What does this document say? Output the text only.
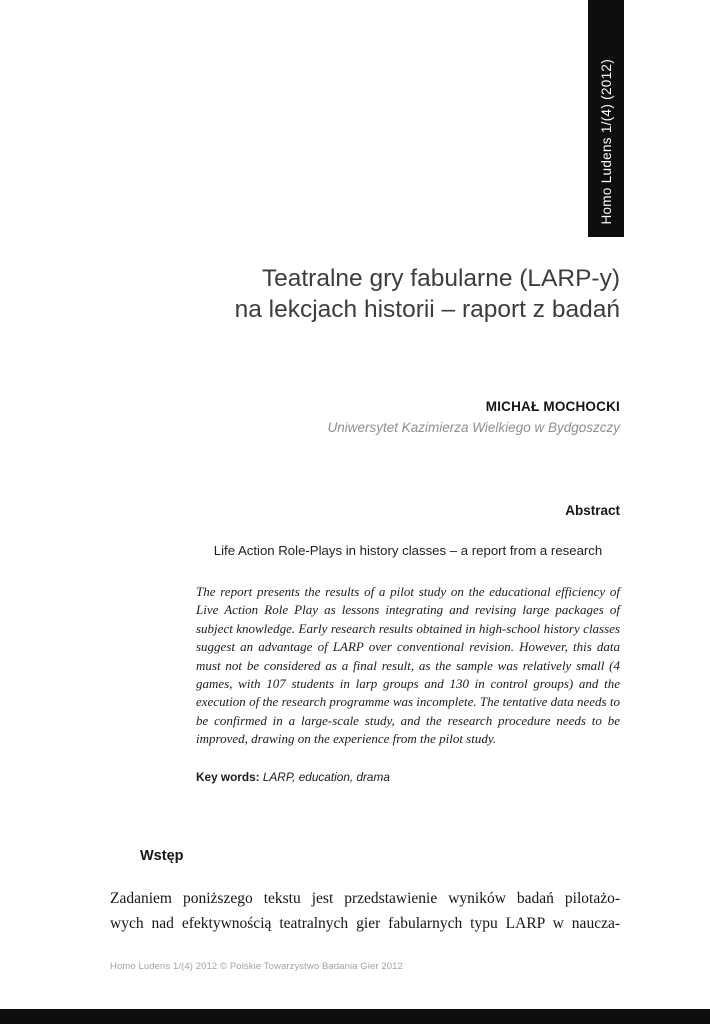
Homo Ludens 1/(4) (2012)
Teatralne gry fabularne (LARP-y)
na lekcjach historii – raport z badań
MICHAŁ MOCHOCKI
Uniwersytet Kazimierza Wielkiego w Bydgoszczy
Abstract
Life Action Role-Plays in history classes – a report from a research
The report presents the results of a pilot study on the educational efficiency of Live Action Role Play as lessons integrating and revising large packages of subject knowledge. Early research results obtained in high-school history classes suggest an advantage of LARP over conventional revision. However, this data must not be considered as a final result, as the sample was relatively small (4 games, with 107 students in larp groups and 130 in control groups) and the execution of the research programme was incomplete. The tentative data needs to be confirmed in a large-scale study, and the research procedure needs to be improved, drawing on the experience from the pilot study.
Key words: LARP, education, drama
Wstęp
Zadaniem poniższego tekstu jest przedstawienie wyników badań pilotażo-
wych nad efektywnością teatralnych gier fabularnych typu LARP w naucza-
Homo Ludens 1/(4) 2012 © Polskie Towarzystwo Badania Gier 2012
